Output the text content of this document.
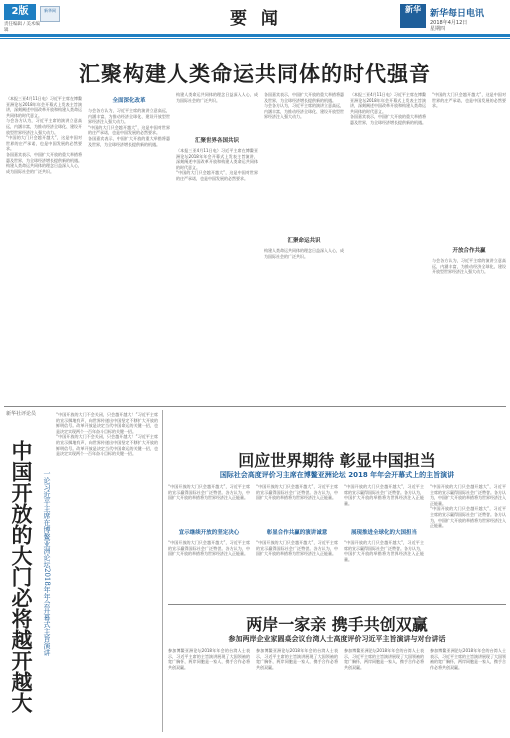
2版
责任编辑 / 美术编辑
新华网	要 闻	新华	新华每日电讯
2018年4月12日
星期四
汇聚构建人类命运共同体的时代强音

（本报三亚4月11日电）习近平主席在博鳌亚洲论坛2018年年会开幕式上发表主旨演讲，深刻阐述中国改革开放和构建人类命运共同体的时代意义。

与会各方认为，习近平主席的演讲立意高远，内涵丰富，为推动经济全球化、建设开放型世界经济注入强大动力。

“中国的大门只会越开越大”，这是中国对世界的庄严承诺，也是中国发展的必然要求。

各国嘉宾表示，中国扩大开放的重大举措将惠及世界，为全球经济增长提供新的机遇。

构建人类命运共同体的理念日益深入人心，成为国际社会的广泛共识。

全面深化改革

与会各方认为，习近平主席的演讲立意高远，内涵丰富，为推动经济全球化、建设开放型世界经济注入强大动力。

“中国的大门只会越开越大”，这是中国对世界的庄严承诺，也是中国发展的必然要求。

各国嘉宾表示，中国扩大开放的重大举措将惠及世界，为全球经济增长提供新的机遇。

构建人类命运共同体的理念日益深入人心，成为国际社会的广泛共识。

汇聚世界各国共识

（本报三亚4月11日电）习近平主席在博鳌亚洲论坛2018年年会开幕式上发表主旨演讲，深刻阐述中国改革开放和构建人类命运共同体的时代意义。

“中国的大门只会越开越大”，这是中国对世界的庄严承诺，也是中国发展的必然要求。

各国嘉宾表示，中国扩大开放的重大举措将惠及世界，为全球经济增长提供新的机遇。

与会各方认为，习近平主席的演讲立意高远，内涵丰富，为推动经济全球化、建设开放型世界经济注入强大动力。

汇聚命运共识

构建人类命运共同体的理念日益深入人心，成为国际社会的广泛共识。

（本报三亚4月11日电）习近平主席在博鳌亚洲论坛2018年年会开幕式上发表主旨演讲，深刻阐述中国改革开放和构建人类命运共同体的时代意义。

各国嘉宾表示，中国扩大开放的重大举措将惠及世界，为全球经济增长提供新的机遇。

“中国的大门只会越开越大”，这是中国对世界的庄严承诺，也是中国发展的必然要求。

开放合作共赢

与会各方认为，习近平主席的演讲立意高远，内涵丰富，为推动经济全球化、建设开放型世界经济注入强大动力。

新华社评论员
中国开放的大门必将越开越大	一论习近平主席在博鳌亚洲论坛2018年年会开幕式主旨演讲

“中国开放的大门不会关闭，只会越开越大！”习近平主席的宣示掷地有声，向世界传递出中国坚定不移扩大开放的鲜明信号。改革开放是决定当代中国命运的关键一招，也是决定实现两个一百年奋斗目标的关键一招。

“中国开放的大门不会关闭，只会越开越大！”习近平主席的宣示掷地有声，向世界传递出中国坚定不移扩大开放的鲜明信号。改革开放是决定当代中国命运的关键一招，也是决定实现两个一百年奋斗目标的关键一招。	回应世界期待 彰显中国担当
国际社会高度评价习主席在博鳌亚洲论坛 2018 年年会开幕式上的主旨演讲

“中国开放的大门只会越开越大”，习近平主席的宣示赢得国际社会广泛赞誉。各方认为，中国扩大开放的举措将为世界经济注入正能量。

宣示继续开放的坚定决心

“中国开放的大门只会越开越大”，习近平主席的宣示赢得国际社会广泛赞誉。各方认为，中国扩大开放的举措将为世界经济注入正能量。

“中国开放的大门只会越开越大”，习近平主席的宣示赢得国际社会广泛赞誉。各方认为，中国扩大开放的举措将为世界经济注入正能量。

彰显合作共赢的演讲诚意

“中国开放的大门只会越开越大”，习近平主席的宣示赢得国际社会广泛赞誉。各方认为，中国扩大开放的举措将为世界经济注入正能量。

“中国开放的大门只会越开越大”，习近平主席的宣示赢得国际社会广泛赞誉。各方认为，中国扩大开放的举措将为世界经济注入正能量。

展现推进全球化的大国担当

“中国开放的大门只会越开越大”，习近平主席的宣示赢得国际社会广泛赞誉。各方认为，中国扩大开放的举措将为世界经济注入正能量。

“中国开放的大门只会越开越大”，习近平主席的宣示赢得国际社会广泛赞誉。各方认为，中国扩大开放的举措将为世界经济注入正能量。

“中国开放的大门只会越开越大”，习近平主席的宣示赢得国际社会广泛赞誉。各方认为，中国扩大开放的举措将为世界经济注入正能量。

两岸一家亲 携手共创双赢
参加两岸企业家圆桌会议台湾人士高度评价习近平主旨演讲与对台讲话

参加博鳌亚洲论坛2018年年会的台湾人士表示，习近平主席的主旨演讲展现了大国领袖的宽广胸怀，两岸同胞是一家人，携手合作必将共创双赢。

参加博鳌亚洲论坛2018年年会的台湾人士表示，习近平主席的主旨演讲展现了大国领袖的宽广胸怀，两岸同胞是一家人，携手合作必将共创双赢。

参加博鳌亚洲论坛2018年年会的台湾人士表示，习近平主席的主旨演讲展现了大国领袖的宽广胸怀，两岸同胞是一家人，携手合作必将共创双赢。

参加博鳌亚洲论坛2018年年会的台湾人士表示，习近平主席的主旨演讲展现了大国领袖的宽广胸怀，两岸同胞是一家人，携手合作必将共创双赢。
